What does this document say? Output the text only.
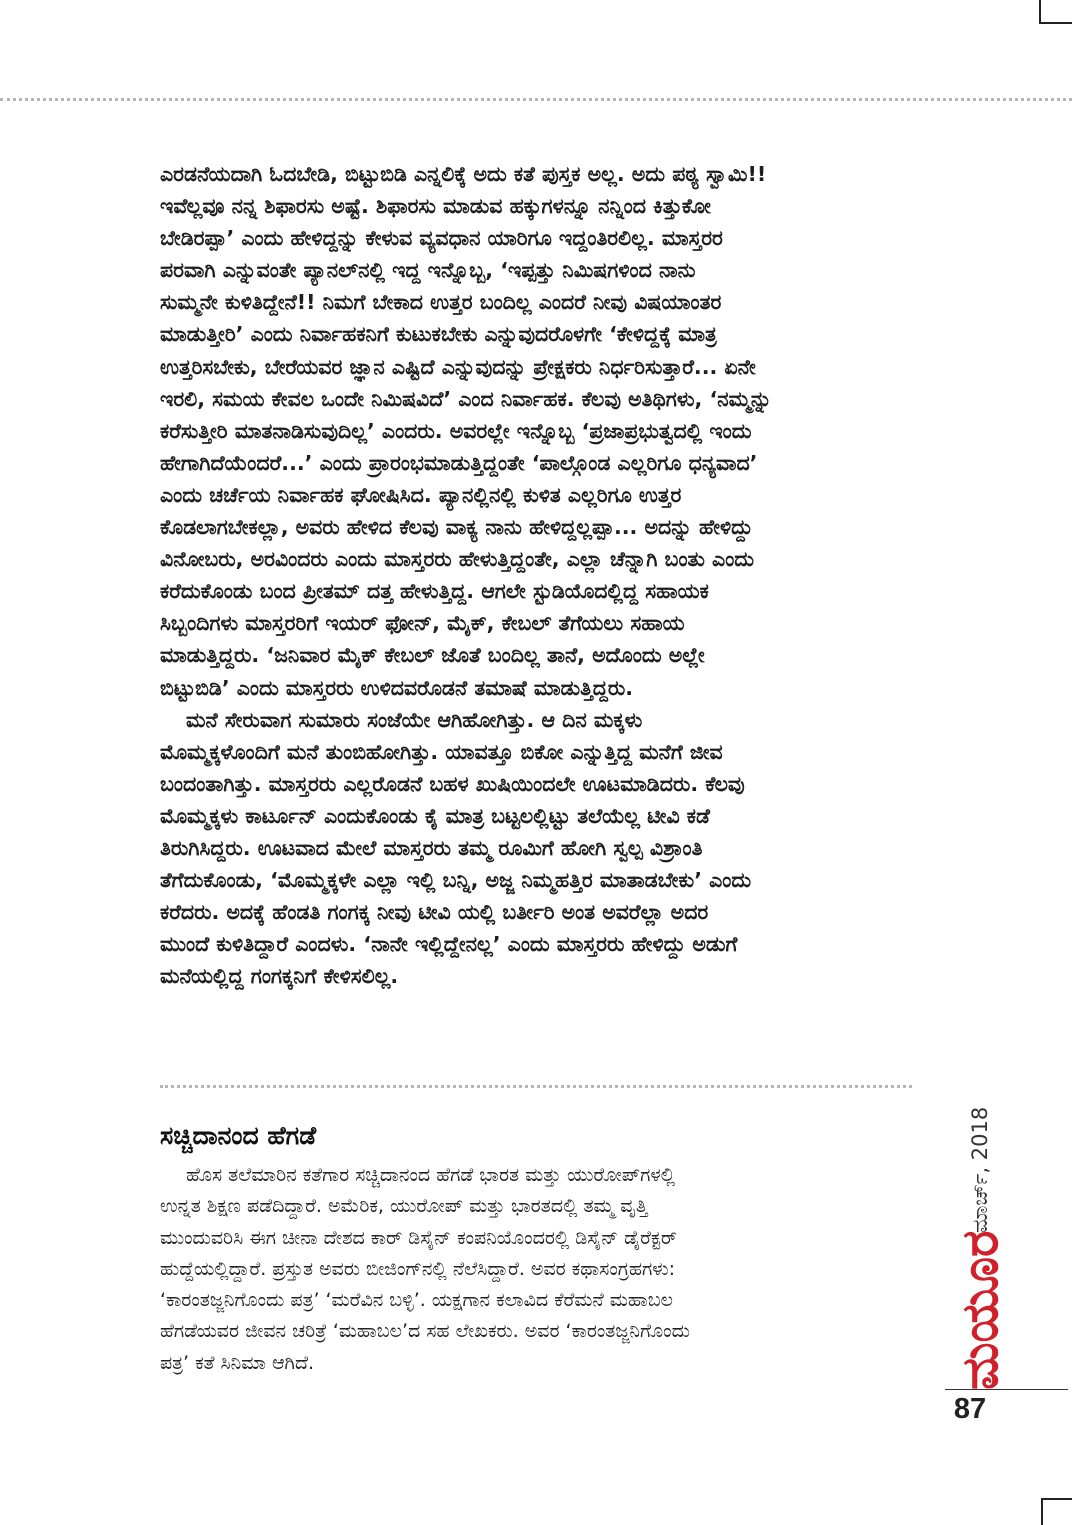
ಎರಡನೆಯದಾಗಿ ಓದಬೇಡಿ, ಬಿಟ್ಟುಬಿಡಿ ಎನ್ನಲಿಕ್ಕೆ ಅದು ಕತೆ ಪುಸ್ತಕ ಅಲ್ಲ. ಅದು ಪಠ್ಯ ಸ್ವಾಮಿ!!
ಇವೆಲ್ಲವೂ ನನ್ನ ಶಿಫಾರಸು ಅಷ್ಟೆ. ಶಿಫಾರಸು ಮಾಡುವ ಹಕ್ಕುಗಳನ್ನೂ ನನ್ನಿಂದ ಕಿತ್ತುಕೋ
ಬೇಡಿರಪ್ಪಾ’ ಎಂದು ಹೇಳಿದ್ದನ್ನು ಕೇಳುವ ವ್ಯವಧಾನ ಯಾರಿಗೂ ಇದ್ದಂತಿರಲಿಲ್ಲ. ಮಾಸ್ತರರ
ಪರವಾಗಿ ಎನ್ನುವಂತೇ ಪ್ಯಾನಲ್‌ನಲ್ಲಿ ಇದ್ದ ಇನ್ನೊಬ್ಬ, ‘ಇಪ್ಪತ್ತು ನಿಮಿಷಗಳಿಂದ ನಾನು
ಸುಮ್ಮನೇ ಕುಳಿತಿದ್ದೇನೆ!! ನಿಮಗೆ ಬೇಕಾದ ಉತ್ತರ ಬಂದಿಲ್ಲ ಎಂದರೆ ನೀವು ವಿಷಯಾಂತರ
ಮಾಡುತ್ತೀರಿ’ ಎಂದು ನಿರ್ವಾಹಕನಿಗೆ ಕುಟುಕಬೇಕು ಎನ್ನುವುದರೊಳಗೇ ‘ಕೇಳಿದ್ದಕ್ಕೆ ಮಾತ್ರ
ಉತ್ತರಿಸಬೇಕು, ಬೇರೆಯವರ ಜ್ಞಾನ ಎಷ್ಟಿದೆ ಎನ್ನುವುದನ್ನು ಪ್ರೇಕ್ಷಕರು ನಿರ್ಧರಿಸುತ್ತಾರೆ... ಏನೇ
ಇರಲಿ, ಸಮಯ ಕೇವಲ ಒಂದೇ ನಿಮಿಷವಿದೆ’ ಎಂದ ನಿರ್ವಾಹಕ. ಕೆಲವು ಅತಿಥಿಗಳು, ‘ನಮ್ಮನ್ನು
ಕರೆಸುತ್ತೀರಿ ಮಾತನಾಡಿಸುವುದಿಲ್ಲ’ ಎಂದರು. ಅವರಲ್ಲೇ ಇನ್ನೊಬ್ಬ ‘ಪ್ರಜಾಪ್ರಭುತ್ವದಲ್ಲಿ ಇಂದು
ಹೇಗಾಗಿದೆಯೆಂದರೆ...’ ಎಂದು ಪ್ರಾರಂಭಮಾಡುತ್ತಿದ್ದಂತೇ ‘ಪಾಲ್ಗೊಂಡ ಎಲ್ಲರಿಗೂ ಧನ್ಯವಾದ’
ಎಂದು ಚರ್ಚೆಯ ನಿರ್ವಾಹಕ ಘೋಷಿಸಿದ. ಪ್ಯಾನಲ್ಲಿನಲ್ಲಿ ಕುಳಿತ ಎಲ್ಲರಿಗೂ ಉತ್ತರ
ಕೊಡಲಾಗಬೇಕಲ್ಲಾ, ಅವರು ಹೇಳಿದ ಕೆಲವು ವಾಕ್ಯ ನಾನು ಹೇಳಿದ್ದಲ್ಲಪ್ಪಾ... ಅದನ್ನು ಹೇಳಿದ್ದು
ವಿನೋಬರು, ಅರವಿಂದರು ಎಂದು ಮಾಸ್ತರರು ಹೇಳುತ್ತಿದ್ದಂತೇ, ಎಲ್ಲಾ ಚೆನ್ನಾಗಿ ಬಂತು ಎಂದು
ಕರೆದುಕೊಂಡು ಬಂದ ಪ್ರೀತಮ್ ದತ್ತ ಹೇಳುತ್ತಿದ್ದ. ಆಗಲೇ ಸ್ಟುಡಿಯೊದಲ್ಲಿದ್ದ ಸಹಾಯಕ
ಸಿಬ್ಬಂದಿಗಳು ಮಾಸ್ತರರಿಗೆ ಇಯರ್ ಫೋನ್, ಮೈಕ್, ಕೇಬಲ್ ತೆಗೆಯಲು ಸಹಾಯ
ಮಾಡುತ್ತಿದ್ದರು. ‘ಜನಿವಾರ ಮೈಕ್ ಕೇಬಲ್ ಜೊತೆ ಬಂದಿಲ್ಲ ತಾನೆ, ಅದೊಂದು ಅಲ್ಲೇ
ಬಿಟ್ಟುಬಿಡಿ’ ಎಂದು ಮಾಸ್ತರರು ಉಳಿದವರೊಡನೆ ತಮಾಷೆ ಮಾಡುತ್ತಿದ್ದರು.
ಮನೆ ಸೇರುವಾಗ ಸುಮಾರು ಸಂಜೆಯೇ ಆಗಿಹೋಗಿತ್ತು. ಆ ದಿನ ಮಕ್ಕಳು
ಮೊಮ್ಮಕ್ಕಳೊಂದಿಗೆ ಮನೆ ತುಂಬಿಹೋಗಿತ್ತು. ಯಾವತ್ತೂ ಬಿಕೋ ಎನ್ನುತ್ತಿದ್ದ ಮನೆಗೆ ಜೀವ
ಬಂದಂತಾಗಿತ್ತು. ಮಾಸ್ತರರು ಎಲ್ಲರೊಡನೆ ಬಹಳ ಖುಷಿಯಿಂದಲೇ ಊಟಮಾಡಿದರು. ಕೆಲವು
ಮೊಮ್ಮಕ್ಕಳು ಕಾರ್ಟೂನ್ ಎಂದುಕೊಂಡು ಕೈ ಮಾತ್ರ ಬಟ್ಟಲಲ್ಲಿಟ್ಟು ತಲೆಯೆಲ್ಲ ಟೀವಿ ಕಡೆ
ತಿರುಗಿಸಿದ್ದರು. ಊಟವಾದ ಮೇಲೆ ಮಾಸ್ತರರು ತಮ್ಮ ರೂಮಿಗೆ ಹೋಗಿ ಸ್ವಲ್ಪ ವಿಶ್ರಾಂತಿ
ತೆಗೆದುಕೊಂಡು, ‘ಮೊಮ್ಮಕ್ಕಳೇ ಎಲ್ಲಾ ಇಲ್ಲಿ ಬನ್ನಿ, ಅಜ್ಜ ನಿಮ್ಮಹತ್ತಿರ ಮಾತಾಡಬೇಕು’ ಎಂದು
ಕರೆದರು. ಅದಕ್ಕೆ ಹೆಂಡತಿ ಗಂಗಕ್ಕ ನೀವು ಟೀವಿ ಯಲ್ಲಿ ಬರ್ತೀರಿ ಅಂತ ಅವರೆಲ್ಲಾ ಅದರ
ಮುಂದೆ ಕುಳಿತಿದ್ದಾರೆ ಎಂದಳು. ‘ನಾನೇ ಇಲ್ಲಿದ್ದೇನಲ್ಲ’ ಎಂದು ಮಾಸ್ತರರು ಹೇಳಿದ್ದು ಅಡುಗೆ
ಮನೆಯಲ್ಲಿದ್ದ ಗಂಗಕ್ಕನಿಗೆ ಕೇಳಿಸಲಿಲ್ಲ.
ಸಚ್ಚಿದಾನಂದ ಹೆಗಡೆ
ಹೊಸ ತಲೆಮಾರಿನ ಕತೆಗಾರ ಸಚ್ಚಿದಾನಂದ ಹೆಗಡೆ ಭಾರತ ಮತ್ತು ಯುರೋಪ್‌ಗಳಲ್ಲಿ
ಉನ್ನತ ಶಿಕ್ಷಣ ಪಡೆದಿದ್ದಾರೆ. ಅಮೆರಿಕ, ಯುರೋಪ್ ಮತ್ತು ಭಾರತದಲ್ಲಿ ತಮ್ಮ ವೃತ್ತಿ
ಮುಂದುವರಿಸಿ ಈಗ ಚೀನಾ ದೇಶದ ಕಾರ್ ಡಿಸೈನ್ ಕಂಪನಿಯೊಂದರಲ್ಲಿ ಡಿಸೈನ್ ಡೈರೆಕ್ಟರ್
ಹುದ್ದೆಯಲ್ಲಿದ್ದಾರೆ. ಪ್ರಸ್ತುತ ಅವರು ಬೀಜಿಂಗ್‌ನಲ್ಲಿ ನೆಲೆಸಿದ್ದಾರೆ. ಅವರ ಕಥಾಸಂಗ್ರಹಗಳು:
‘ಕಾರಂತಜ್ಜನಿಗೊಂದು ಪತ್ರ’ ‘ಮರೆವಿನ ಬಳ್ಳಿ’. ಯಕ್ಷಗಾನ ಕಲಾವಿದ ಕೆರೆಮನೆ ಮಹಾಬಲ
ಹೆಗಡೆಯವರ ಜೀವನ ಚರಿತ್ರೆ ‘ಮಹಾಬಲ’ದ ಸಹ ಲೇಖಕರು. ಅವರ ‘ಕಾರಂತಜ್ಜನಿಗೊಂದು
ಪತ್ರ’ ಕತೆ ಸಿನಿಮಾ ಆಗಿದೆ.
ಮಾರ್ಚ್, 2018
ಮಯೂರ
87
